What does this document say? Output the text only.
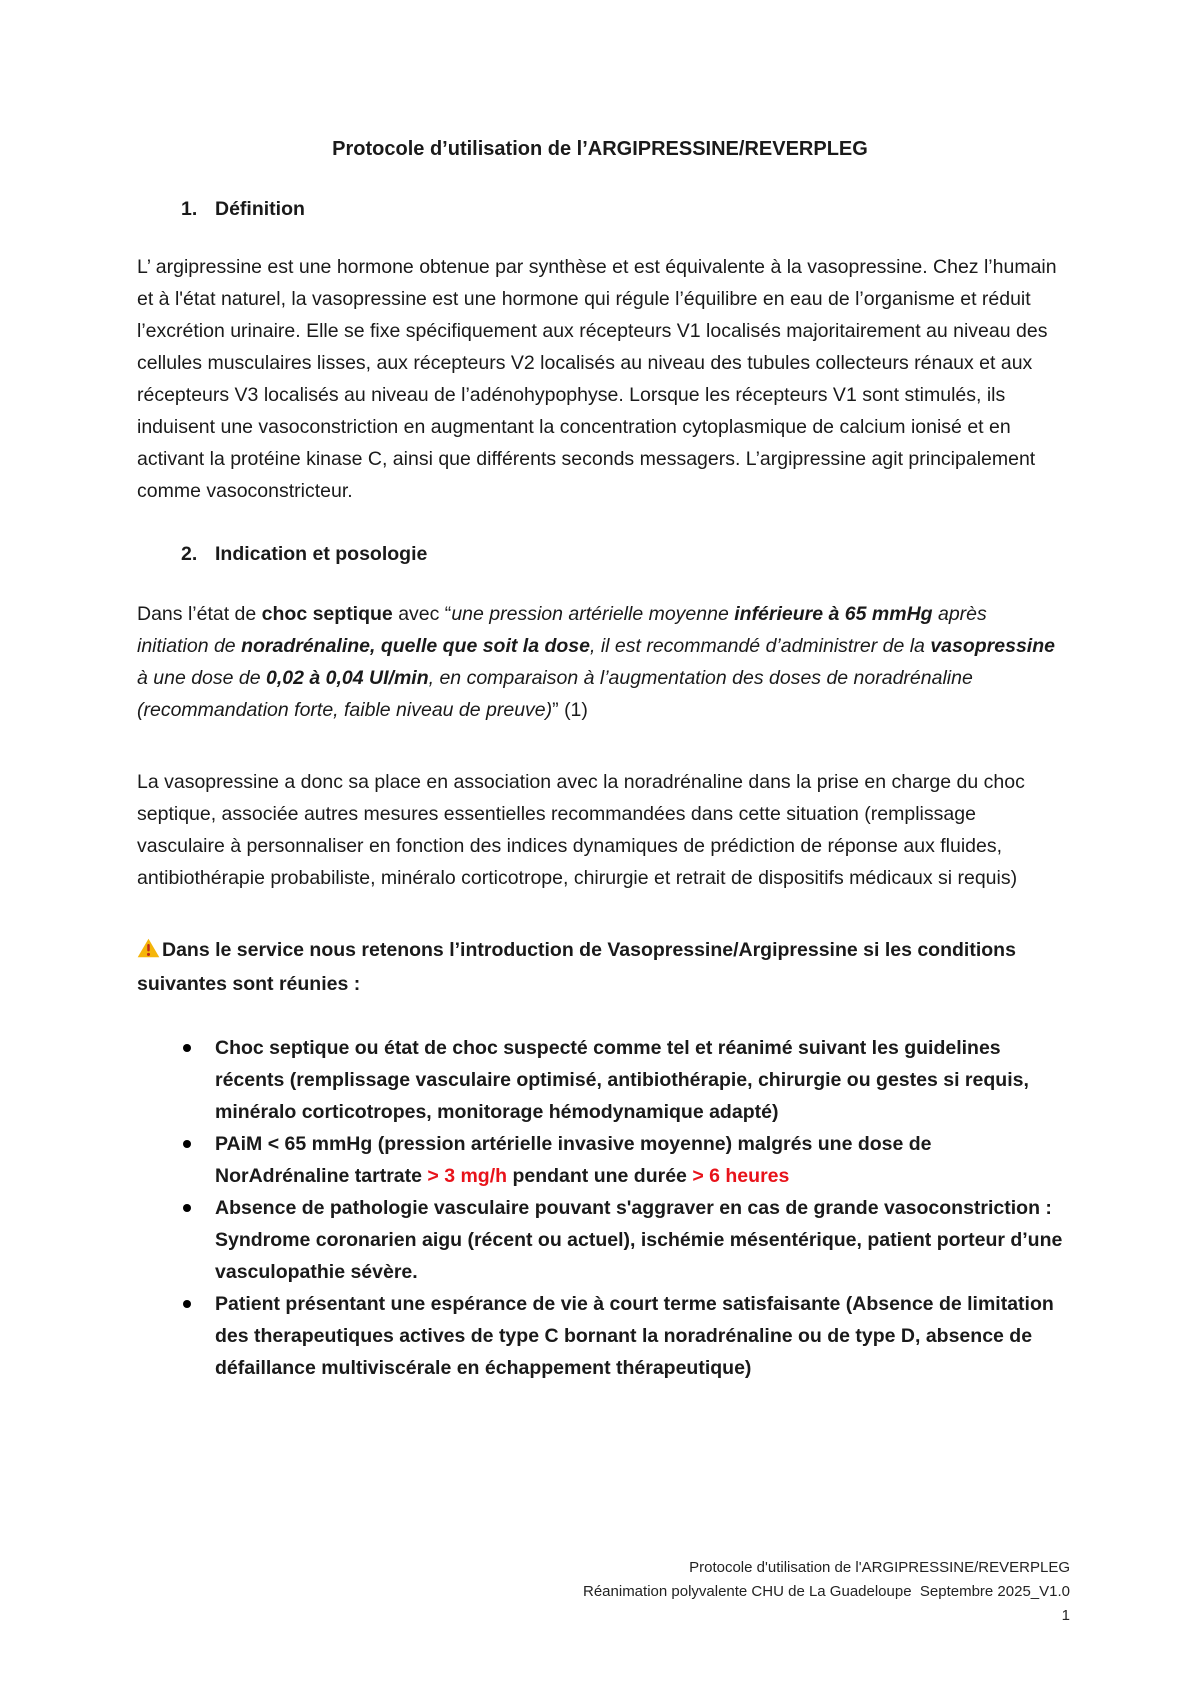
Protocole d’utilisation de l’ARGIPRESSINE/REVERPLEG
1. Définition

L’ argipressine est une hormone obtenue par synthèse et est équivalente à la vasopressine. Chez l’humain et à l'état naturel, la vasopressine est une hormone qui régule l’équilibre en eau de l’organisme et réduit l’excrétion urinaire. Elle se fixe spécifiquement aux récepteurs V1 localisés majoritairement au niveau des cellules musculaires lisses, aux récepteurs V2 localisés au niveau des tubules collecteurs rénaux et aux récepteurs V3 localisés au niveau de l’adénohypophyse. Lorsque les récepteurs V1 sont stimulés, ils induisent une vasoconstriction en augmentant la concentration cytoplasmique de calcium ionisé et en activant la protéine kinase C, ainsi que différents seconds messagers. L’argipressine agit principalement comme vasoconstricteur.

2. Indication et posologie

Dans l’état de choc septique avec “une pression artérielle moyenne inférieure à 65 mmHg après initiation de noradrénaline, quelle que soit la dose, il est recommandé d’administrer de la vasopressine à une dose de 0,02 à 0,04 UI/min, en comparaison à l’augmentation des doses de noradrénaline (recommandation forte, faible niveau de preuve)” (1)

La vasopressine a donc sa place en association avec la noradrénaline dans la prise en charge du choc septique, associée autres mesures essentielles recommandées dans cette situation (remplissage vasculaire à personnaliser en fonction des indices dynamiques de prédiction de réponse aux fluides, antibiothérapie probabiliste, minéralo corticotrope, chirurgie et retrait de dispositifs médicaux si requis)

Dans le service nous retenons l’introduction de Vasopressine/Argipressine si les conditions suivantes sont réunies :

Choc septique ou état de choc suspecté comme tel et réanimé suivant les guidelines récents (remplissage vasculaire optimisé, antibiothérapie, chirurgie ou gestes si requis, minéralo corticotropes, monitorage hémodynamique adapté)
PAiM < 65 mmHg (pression artérielle invasive moyenne) malgrés une dose de NorAdrénaline tartrate > 3 mg/h pendant une durée > 6 heures
Absence de pathologie vasculaire pouvant s'aggraver en cas de grande vasoconstriction : Syndrome coronarien aigu (récent ou actuel), ischémie mésentérique, patient porteur d’une vasculopathie sévère.
Patient présentant une espérance de vie à court terme satisfaisante (Absence de limitation des therapeutiques actives de type C bornant la noradrénaline ou de type D, absence de défaillance multiviscérale en échappement thérapeutique)
Protocole d'utilisation de l'ARGIPRESSINE/REVERPLEG
Réanimation polyvalente CHU de La Guadeloupe  Septembre 2025_V1.0
1
